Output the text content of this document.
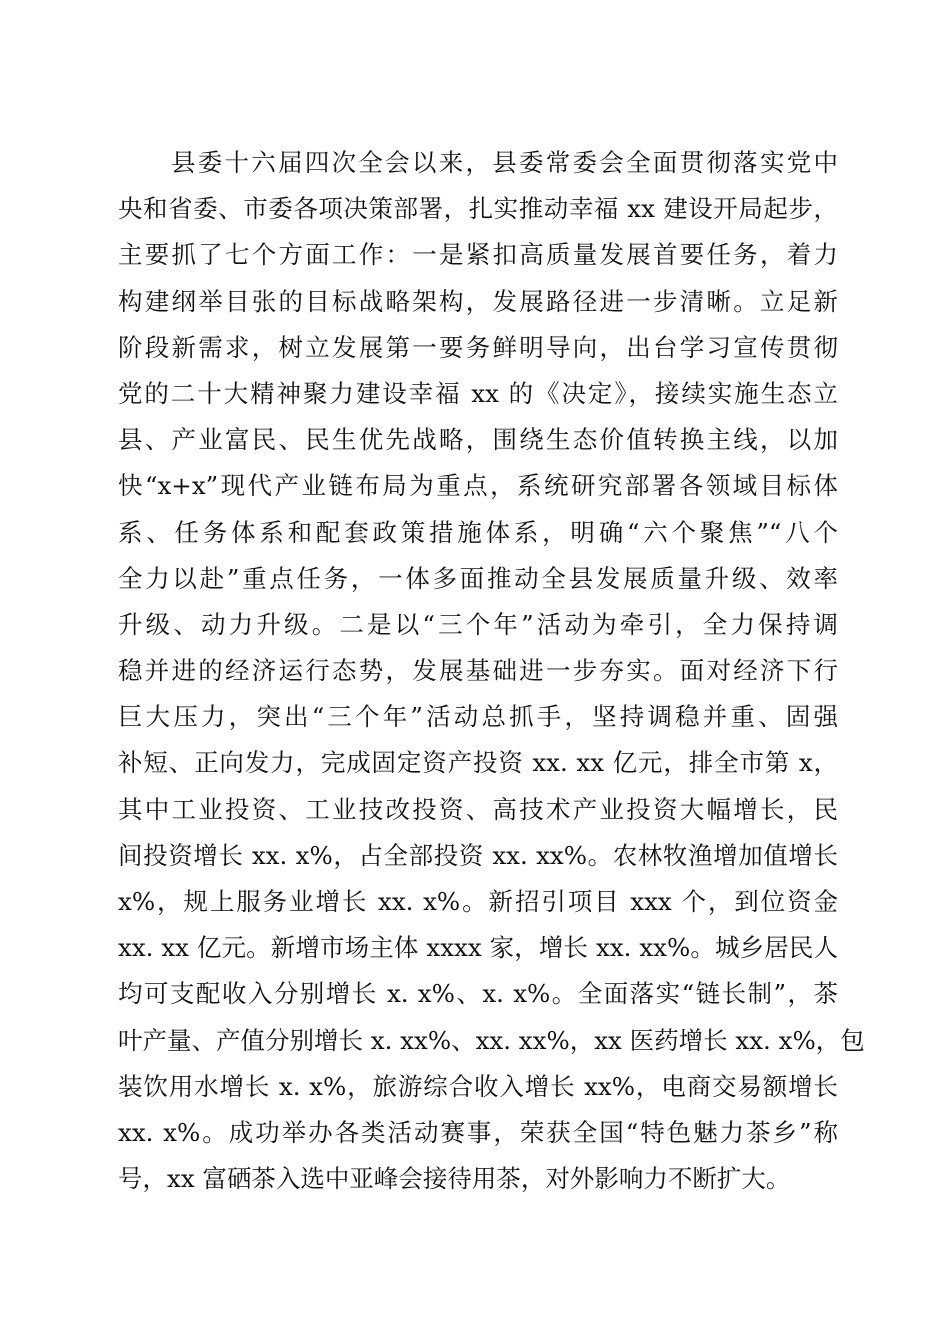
县委十六届四次全会以来，县委常委会全面贯彻落实党中
央和省委、市委各项决策部署，扎实推动幸福 xx 建设开局起步，
主要抓了七个方面工作：一是紧扣高质量发展首要任务，着力
构建纲举目张的目标战略架构，发展路径进一步清晰。立足新
阶段新需求，树立发展第一要务鲜明导向，出台学习宣传贯彻
党的二十大精神聚力建设幸福 xx 的《决定》，接续实施生态立
县、产业富民、民生优先战略，围绕生态价值转换主线，以加
快“x+x”现代产业链布局为重点，系统研究部署各领域目标体
系、任务体系和配套政策措施体系，明确“六个聚焦”“八个
全力以赴”重点任务，一体多面推动全县发展质量升级、效率
升级、动力升级。二是以“三个年”活动为牵引，全力保持调
稳并进的经济运行态势，发展基础进一步夯实。面对经济下行
巨大压力，突出“三个年”活动总抓手，坚持调稳并重、固强
补短、正向发力，完成固定资产投资 xx. xx 亿元，排全市第 x，
其中工业投资、工业技改投资、高技术产业投资大幅增长，民
间投资增长 xx. x%，占全部投资 xx. xx%。农林牧渔增加值增长
x%，规上服务业增长 xx. x%。新招引项目 xxx 个，到位资金
xx. xx 亿元。新增市场主体 xxxx 家，增长 xx. xx%。城乡居民人
均可支配收入分别增长 x. x%、x. x%。全面落实“链长制”，茶
叶产量、产值分别增长 x. xx%、xx. xx%，xx 医药增长 xx. x%，包
装饮用水增长 x. x%，旅游综合收入增长 xx%，电商交易额增长
xx. x%。成功举办各类活动赛事，荣获全国“特色魅力茶乡”称
号，xx 富硒茶入选中亚峰会接待用茶，对外影响力不断扩大。
